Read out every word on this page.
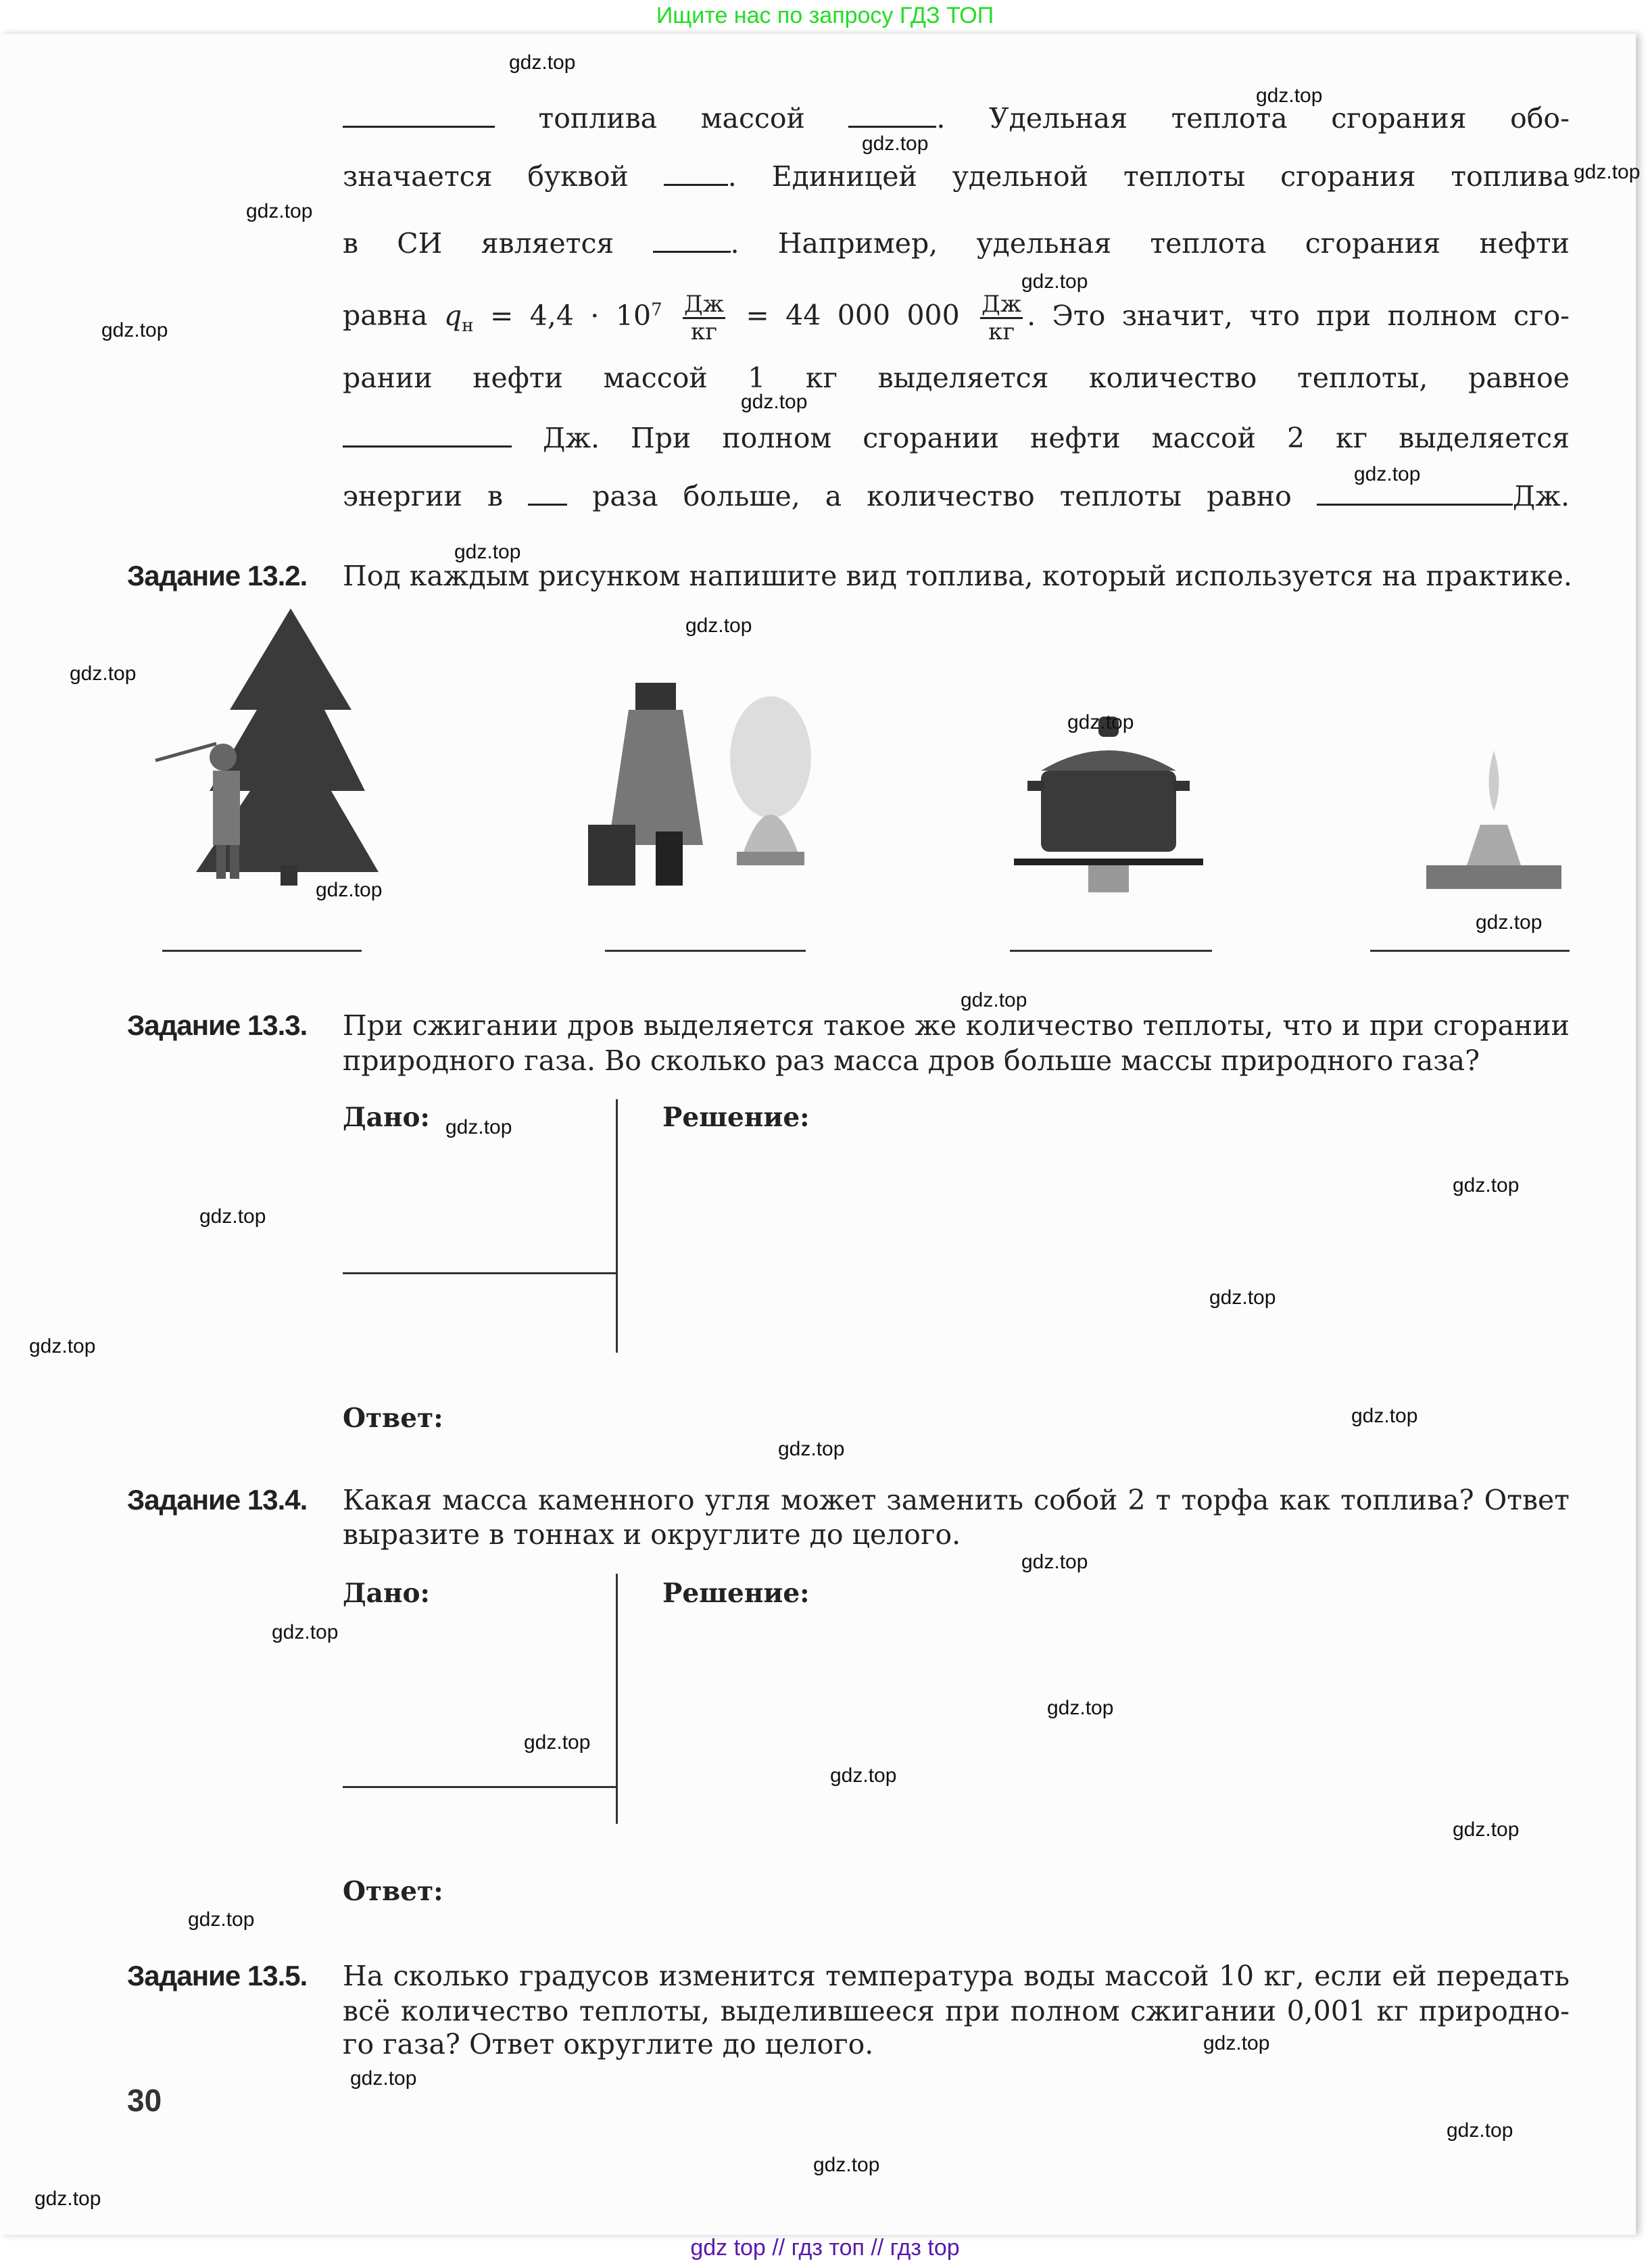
Ищите нас по запросу ГДЗ ТОП
топлива массой	. Удельная теплота сгорания обо-
значается буквой	. Единицей удельной теплоты сгорания топлива
в СИ является	. Например, удельная теплота сгорания нефти
равна $q_н = 4,4 \cdot 10^7 \frac{Дж}{кг} = 44$ 000 $000 \frac{Дж}{кг}$ . Это значит, что при полном сго-
рании нефти массой 1 кг выделяется количество теплоты, равное
Дж. При полном сгорании нефти массой 2 кг выделяется
энергии в	раза больше, а количество теплоты равно	Дж.
Задание 13.2. Под каждым рисунком напишите вид топлива, который используется на практике.
Задание 13.3. При сжигании дров выделяется такое же количество теплоты, что и при сгорании
природного газа. Во сколько раз масса дров больше массы природного газа?
Дано:	Решение:
Ответ:
Задание 13.4. Какая масса каменного угля может заменить собой 2 т торфа как топлива? Ответ
выразите в тоннах и округлите до целого.
Дано:	Решение:
Ответ:
Задание 13.5. На сколько градусов изменится температура воды массой 10 кг, если ей передать
всё количество теплоты, выделившееся при полном сжигании 0,001 кг природно-
го газа? Ответ округлите до целого.
30
gdz.top
gdz.top
gdz.top
gdz.top
gdz.top
gdz.top
gdz.top
gdz.top
gdz.top
gdz.top
gdz.top
gdz.top
gdz.top
gdz.top
gdz.top
gdz.top
gdz.top
gdz.top
gdz.top
gdz.top
gdz.top
gdz.top
gdz.top
gdz.top
gdz.top
gdz.top
gdz.top
gdz.top
gdz.top
gdz.top
gdz.top
gdz.top
gdz.top
gdz.top
gdz.top
gdz top // гдз топ // гдз top
